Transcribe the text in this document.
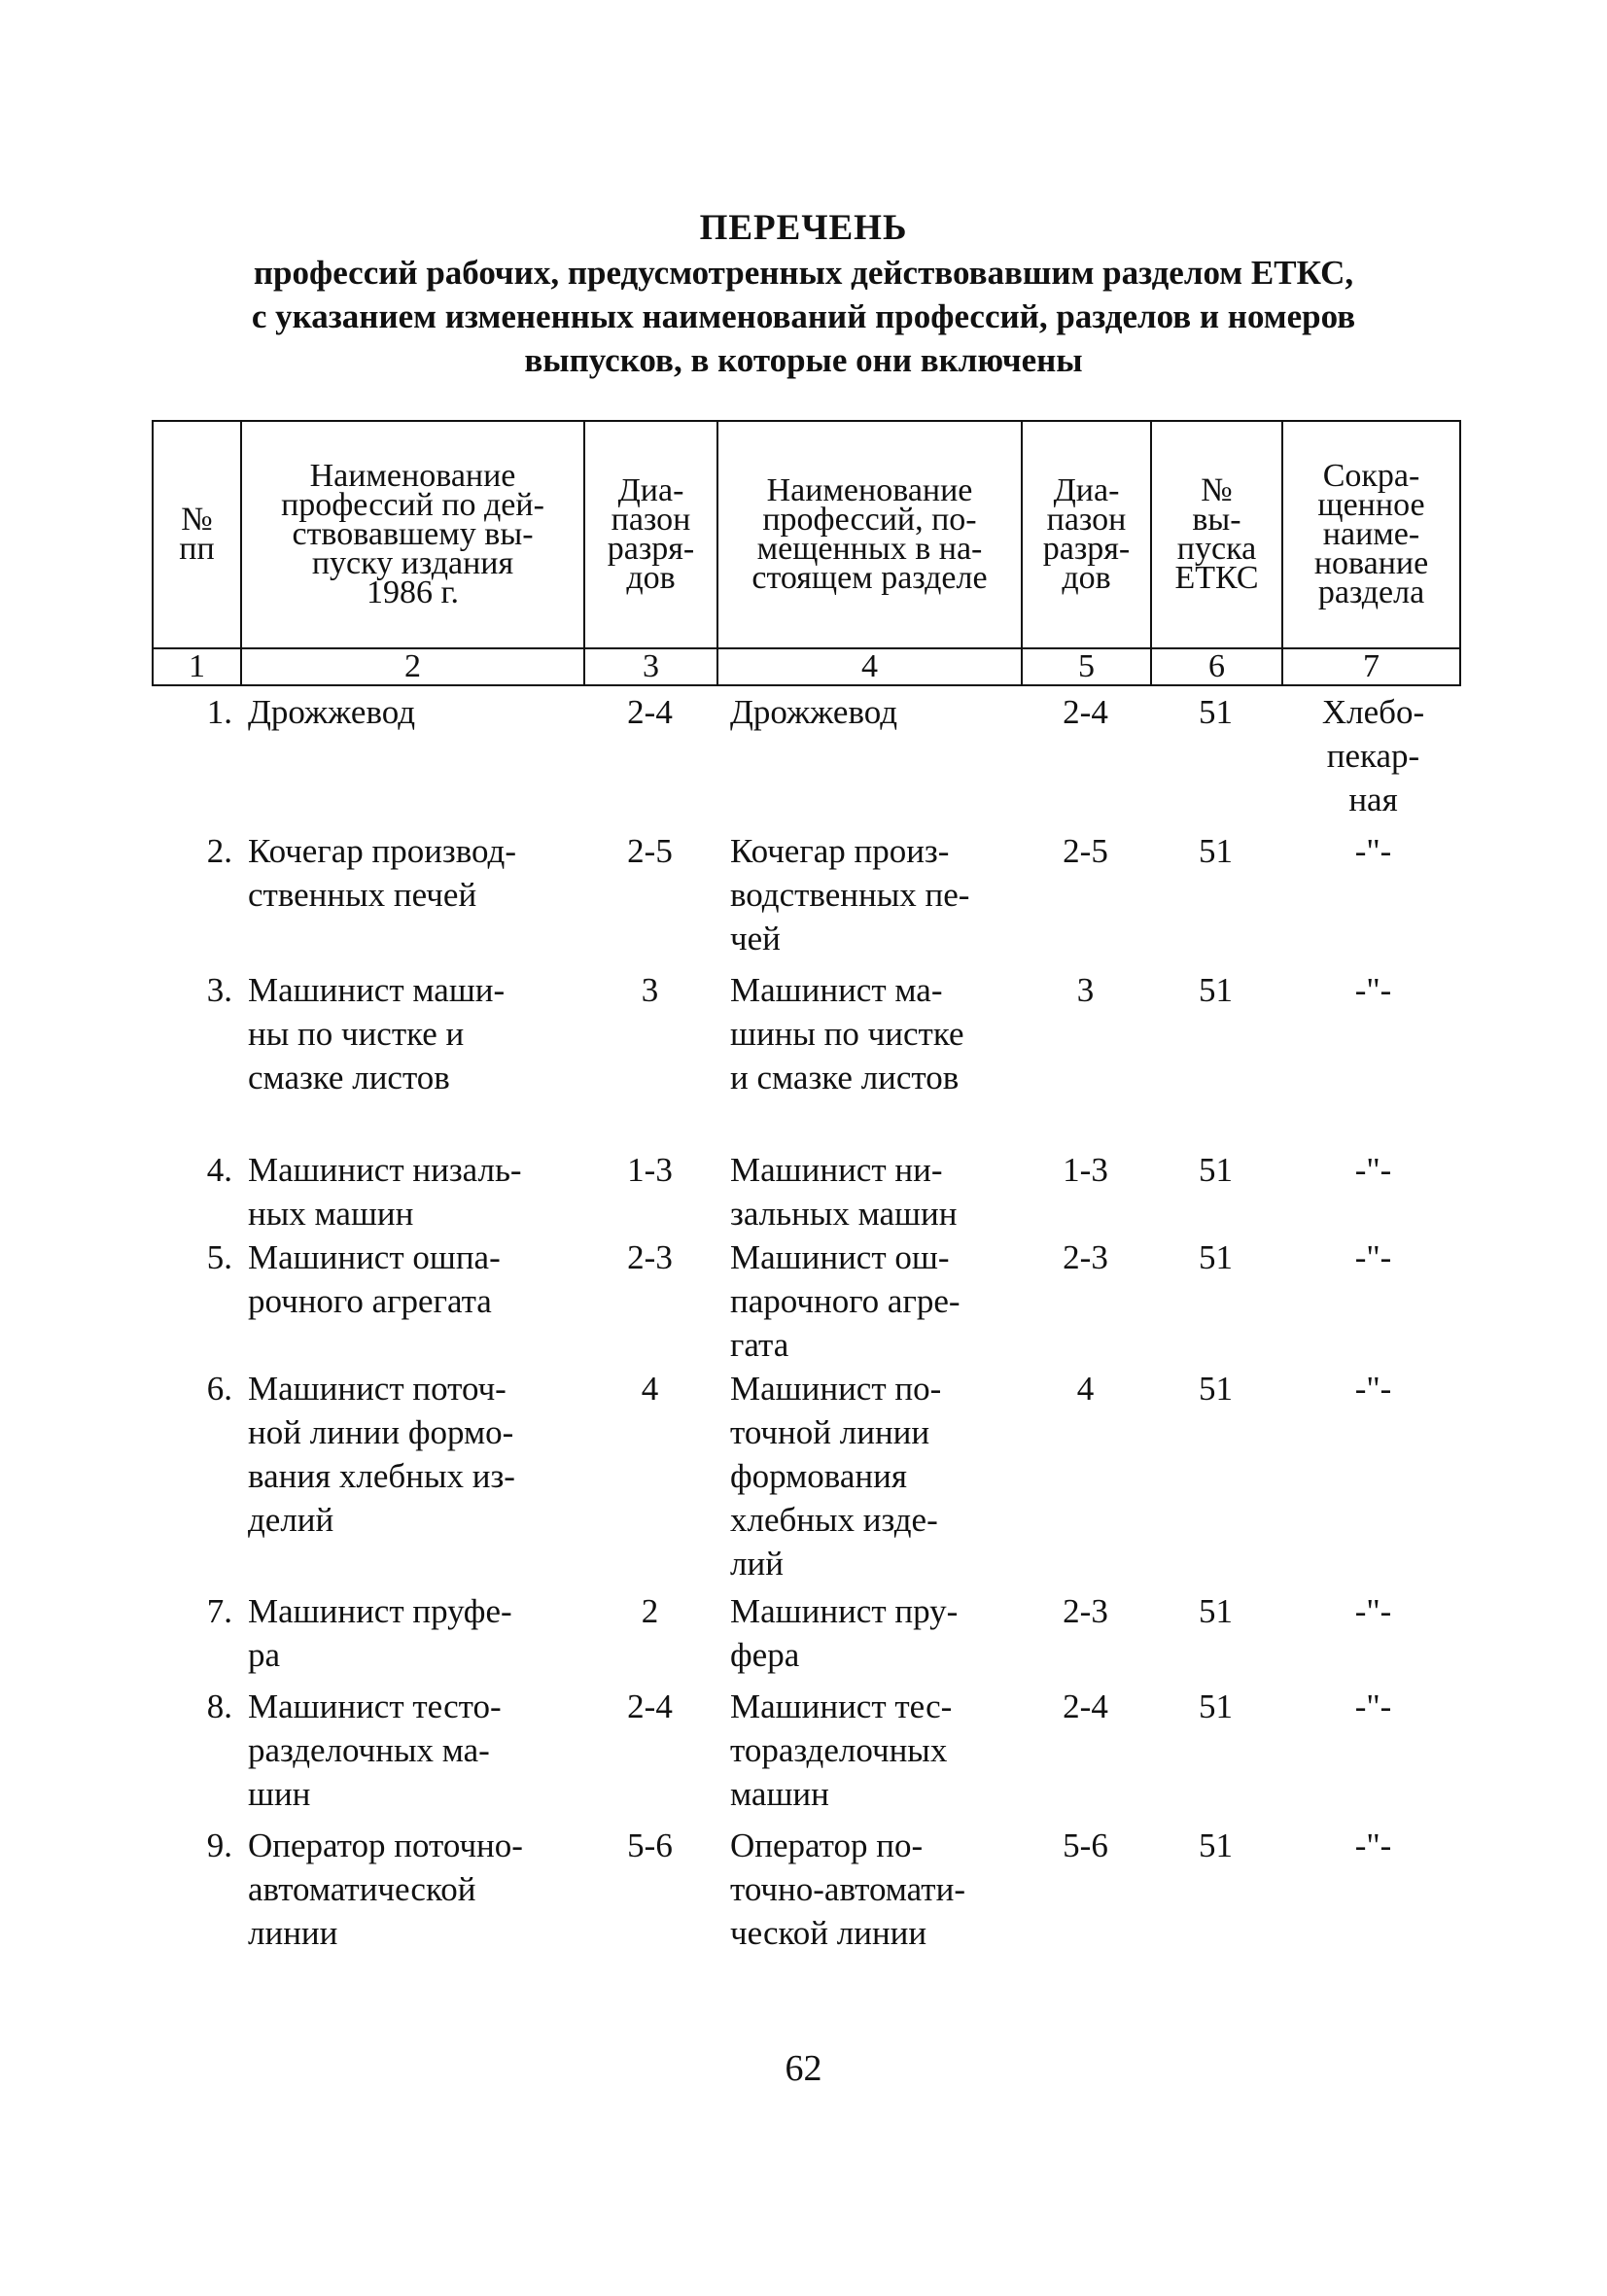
ПЕРЕЧЕНЬ
профессий рабочих, предусмотренных действовавшим разделом ЕТКС,
с указанием измененных наименований профессий, разделов и номеров
выпусков, в которые они включены
№
пп	Наименование
профессий по дей-
ствовавшему вы-
пуску издания
1986 г.	Диа-
пазон
разря-
дов	Наименование
профессий, по-
мещенных в на-
стоящем разделе	Диа-
пазон
разря-
дов	№
вы-
пуска
ЕТКС	Сокра-
щенное
наиме-
нование
раздела
1	2	3	4	5	6	7
1.	Дрожжевод	2-4	Дрожжевод	2-4	51	Хлебо-
пекар-
ная
2.	Кочегар производ-
ственных печей	2-5	Кочегар произ-
водственных пе-
чей	2-5	51	-"-
3.	Машинист маши-
ны по чистке и
смазке листов	3	Машинист ма-
шины по чистке
и смазке листов	3	51	-"-
4.	Машинист низаль-
ных машин	1-3	Машинист ни-
зальных машин	1-3	51	-"-
5.	Машинист ошпа-
рочного агрегата	2-3	Машинист ош-
парочного агре-
гата	2-3	51	-"-
6.	Машинист поточ-
ной линии формо-
вания хлебных из-
делий	4	Машинист по-
точной линии
формования
хлебных изде-
лий	4	51	-"-
7.	Машинист пруфе-
ра	2	Машинист пру-
фера	2-3	51	-"-
8.	Машинист тесто-
разделочных ма-
шин	2-4	Машинист тес-
торазделочных
машин	2-4	51	-"-
9.	Оператор поточно-
автоматической
линии	5-6	Оператор по-
точно-автомати-
ческой линии	5-6	51	-"-
62
